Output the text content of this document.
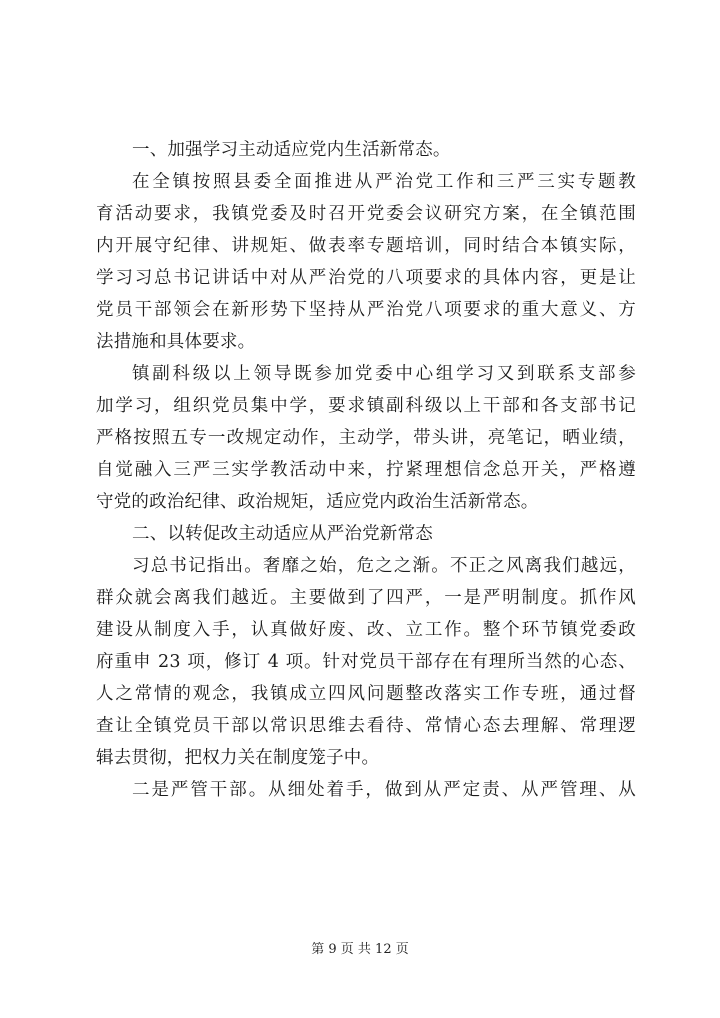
一、加强学习主动适应党内生活新常态。
在全镇按照县委全面推进从严治党工作和三严三实专题教
育活动要求，我镇党委及时召开党委会议研究方案，在全镇范围
内开展守纪律、讲规矩、做表率专题培训，同时结合本镇实际，
学习习总书记讲话中对从严治党的八项要求的具体内容，更是让
党员干部领会在新形势下坚持从严治党八项要求的重大意义、方
法措施和具体要求。
镇副科级以上领导既参加党委中心组学习又到联系支部参
加学习，组织党员集中学，要求镇副科级以上干部和各支部书记
严格按照五专一改规定动作，主动学，带头讲，亮笔记，晒业绩，
自觉融入三严三实学教活动中来，拧紧理想信念总开关，严格遵
守党的政治纪律、政治规矩，适应党内政治生活新常态。
二、以转促改主动适应从严治党新常态
习总书记指出。奢靡之始，危之之渐。不正之风离我们越远，
群众就会离我们越近。主要做到了四严，一是严明制度。抓作风
建设从制度入手，认真做好废、改、立工作。整个环节镇党委政
府重申 23 项，修订 4 项。针对党员干部存在有理所当然的心态、
人之常情的观念，我镇成立四风问题整改落实工作专班，通过督
查让全镇党员干部以常识思维去看待、常情心态去理解、常理逻
辑去贯彻，把权力关在制度笼子中。
二是严管干部。从细处着手，做到从严定责、从严管理、从
第 9 页 共 12 页
